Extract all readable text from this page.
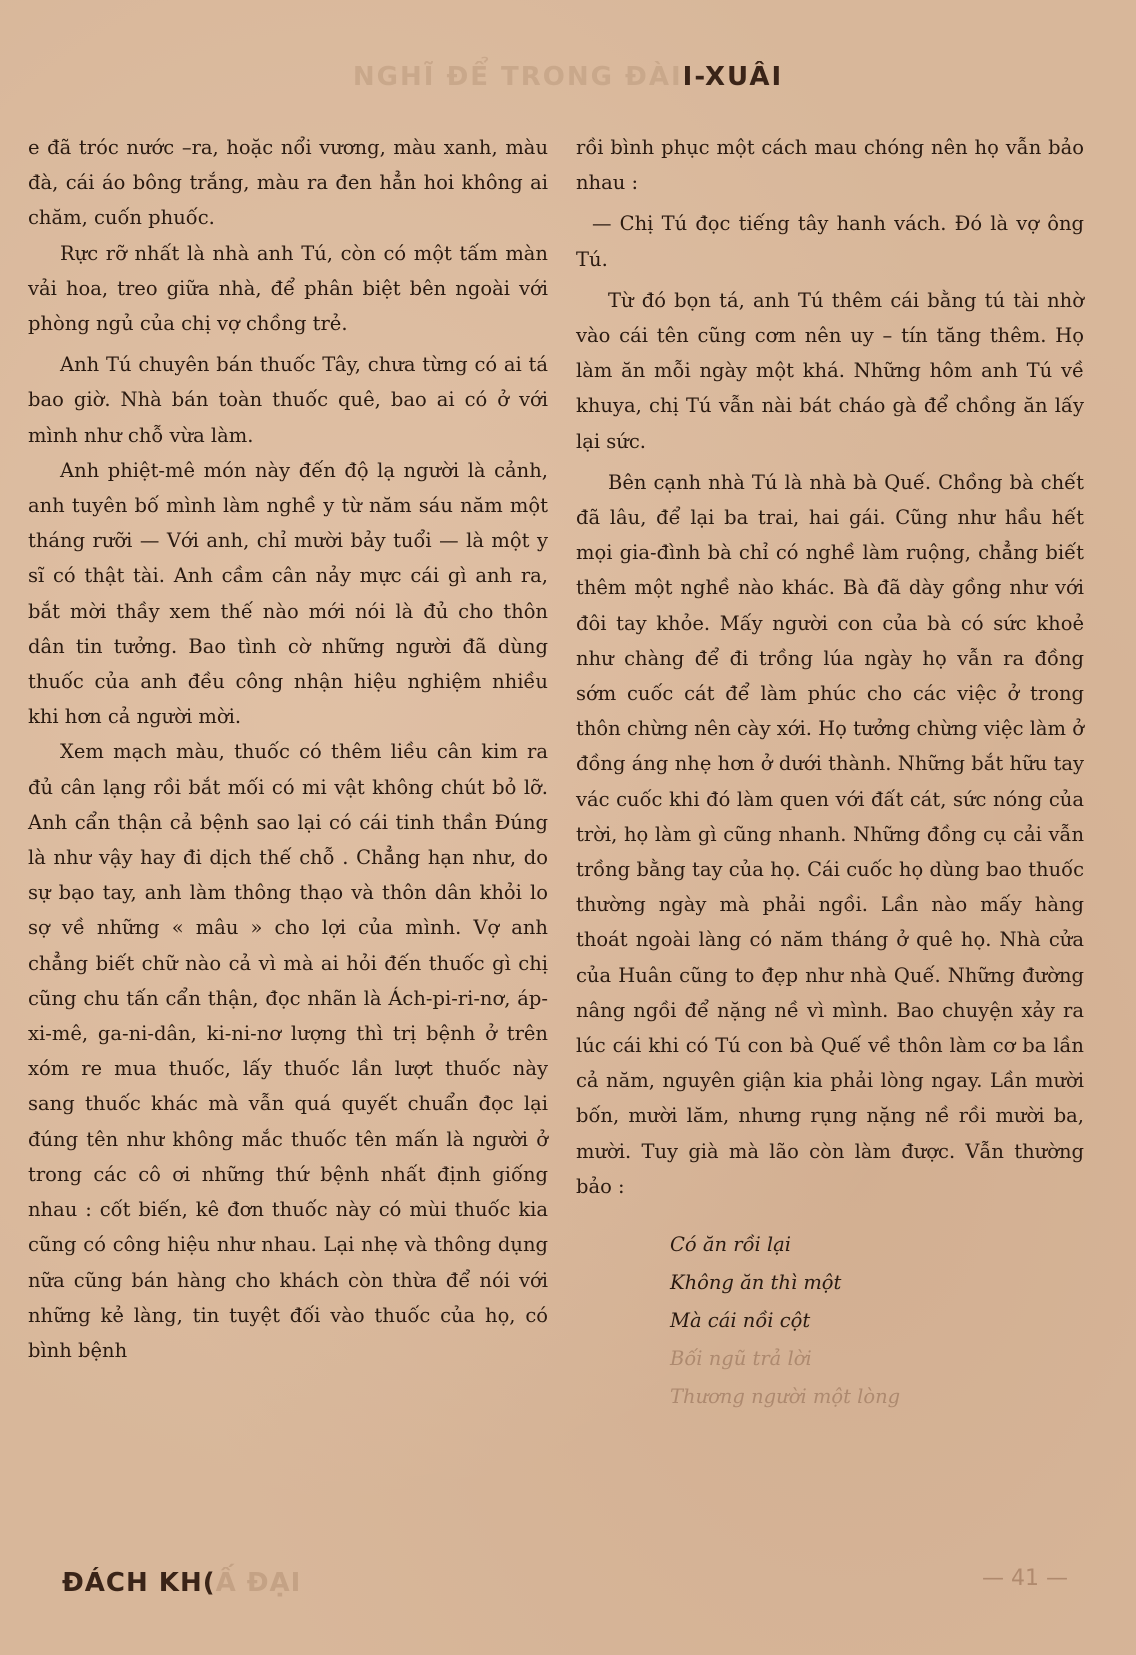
NGHĨ ĐỂ TRONG ĐÀII-XUÂI

e đã tróc nước –ra, hoặc nổi vương, màu xanh, màu đà, cái áo bông trắng, màu ra đen hẳn hoi không ai chăm, cuốn phuốc.

Rực rỡ nhất là nhà anh Tú, còn có một tấm màn vải hoa, treo giữa nhà, để phân biệt bên ngoài với phòng ngủ của chị vợ chồng trẻ.

Anh Tú chuyên bán thuốc Tây, chưa từng có ai tá bao giờ. Nhà bán toàn thuốc quê, bao ai có ở với mình như chỗ vừa làm.

Anh phiệt-mê món này đến độ lạ người là cảnh, anh tuyên bố mình làm nghề y từ năm sáu năm một tháng rưỡi — Với anh, chỉ mười bảy tuổi — là một y sĩ có thật tài. Anh cầm cân nảy mực cái gì anh ra, bắt mời thầy xem thế nào mới nói là đủ cho thôn dân tin tưởng. Bao tình cờ những người đã dùng thuốc của anh đều công nhận hiệu nghiệm nhiều khi hơn cả người mời.

Xem mạch màu, thuốc có thêm liều cân kim ra đủ cân lạng rồi bắt mối có mi vật không chút bỏ lỡ. Anh cẩn thận cả bệnh sao lại có cái tinh thần Đúng là như vậy hay đi dịch thế chỗ . Chẳng hạn như, do sự bạo tay, anh làm thông thạo và thôn dân khỏi lo sợ về những « mâu » cho lợi của mình. Vợ anh chẳng biết chữ nào cả vì mà ai hỏi đến thuốc gì chị cũng chu tấn cẩn thận, đọc nhãn là Ách-pi-ri-nơ, áp-xi-mê, ga-ni-dân, ki-ni-nơ lượng thì trị bệnh ở trên xóm re mua thuốc, lấy thuốc lần lượt thuốc này sang thuốc khác mà vẫn quá quyết chuẩn đọc lại đúng tên như không mắc thuốc tên mấn là người ở trong các cô ơi những thứ bệnh nhất định giống nhau : cốt biến, kê đơn thuốc này có mùi thuốc kia cũng có công hiệu như nhau. Lại nhẹ và thông dụng nữa cũng bán hàng cho khách còn thừa để nói với những kẻ làng, tin tuyệt đối vào thuốc của họ, có bình bệnh

rồi bình phục một cách mau chóng nên họ vẫn bảo nhau :

— Chị Tú đọc tiếng tây hanh vách. Đó là vợ ông Tú.

Từ đó bọn tá, anh Tú thêm cái bằng tú tài nhờ vào cái tên cũng cơm nên uy – tín tăng thêm. Họ làm ăn mỗi ngày một khá. Những hôm anh Tú về khuya, chị Tú vẫn nài bát cháo gà để chồng ăn lấy lại sức.

Bên cạnh nhà Tú là nhà bà Quế. Chồng bà chết đã lâu, để lại ba trai, hai gái. Cũng như hầu hết mọi gia-đình bà chỉ có nghề làm ruộng, chẳng biết thêm một nghề nào khác. Bà đã dày gồng như với đôi tay khỏe. Mấy người con của bà có sức khoẻ như chàng để đi trồng lúa ngày họ vẫn ra đồng sớm cuốc cát để làm phúc cho các việc ở trong thôn chừng nên cày xới. Họ tưởng chừng việc làm ở đồng áng nhẹ hơn ở dưới thành. Những bắt hữu tay vác cuốc khi đó làm quen với đất cát, sức nóng của trời, họ làm gì cũng nhanh. Những đồng cụ cải vẫn trồng bằng tay của họ. Cái cuốc họ dùng bao thuốc thường ngày mà phải ngồi. Lần nào mấy hàng thoát ngoài làng có năm tháng ở quê họ. Nhà cửa của Huân cũng to đẹp như nhà Quế. Những đường nâng ngồi để nặng nề vì mình. Bao chuyện xảy ra lúc cái khi có Tú con bà Quế về thôn làm cơ ba lần cả năm, nguyên giận kia phải lòng ngay. Lần mười bốn, mười lăm, nhưng rụng nặng nề rồi mười ba, mười. Tuy già mà lão còn làm được. Vẫn thường bảo :

Có ăn rồi lại
Không ăn thì một
Mà cái nồi cột
Bối ngũ trả lời
Thương người một lòng
ĐÁCH KH(Ấ ĐẠI	— 41 —
